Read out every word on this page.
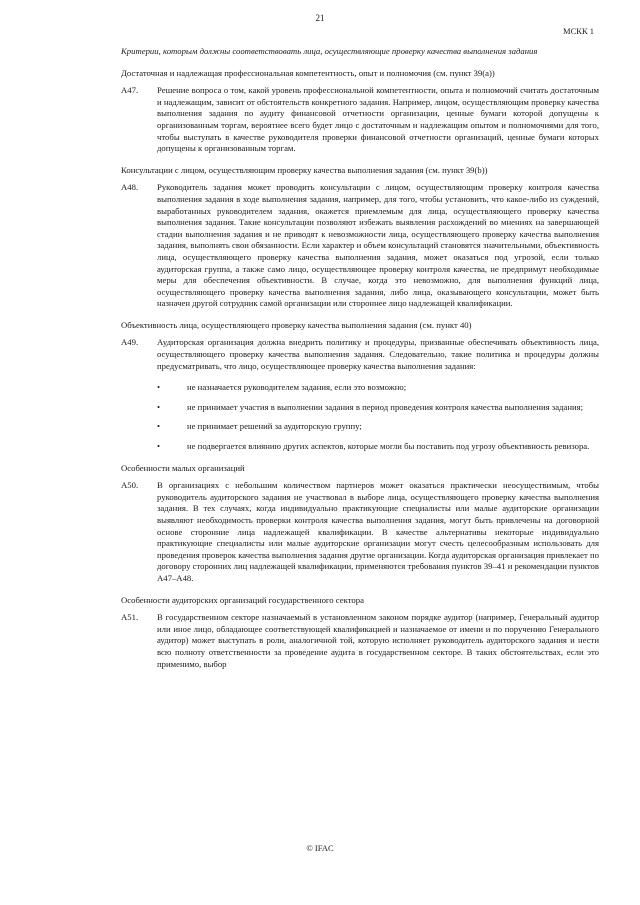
21
МСКК 1

Критерии, которым должны соответствовать лица, осуществляющие проверку качества выполнения задания

Достаточная и надлежащая профессиональная компетентность, опыт и полномочия (см. пункт 39(a))

A47.	Решение вопроса о том, какой уровень профессиональной компетентности, опыта и полномочий считать достаточным и надлежащим, зависит от обстоятельств конкретного задания. Например, лицом, осуществляющим проверку качества выполнения задания по аудиту финансовой отчетности организации, ценные бумаги которой допущены к организованным торгам, вероятнее всего будет лицо с достаточным и надлежащим опытом и полномочиями для того, чтобы выступать в качестве руководителя проверки финансовой отчетности организаций, ценные бумаги которых допущены к организованным торгам.

Консультации с лицом, осуществляющим проверку качества выполнения задания (см. пункт 39(b))

A48.	Руководитель задания может проводить консультации с лицом, осуществляющим проверку контроля качества выполнения задания в ходе выполнения задания, например, для того, чтобы установить, что какое-либо из суждений, выработанных руководителем задания, окажется приемлемым для лица, осуществляющего проверку качества выполнения задания. Такие консультации позволяют избежать выявления расхождений во мнениях на завершающей стадии выполнения задания и не приводят к невозможности лица, осуществляющего проверку качества выполнения задания, выполнять свои обязанности. Если характер и объем консультаций становятся значительными, объективность лица, осуществляющего проверку качества выполнения задания, может оказаться под угрозой, если только аудиторская группа, а также само лицо, осуществляющее проверку контроля качества, не предпримут необходимые меры для обеспечения объективности. В случае, когда это невозможно, для выполнения функций лица, осуществляющего проверку качества выполнения задания, либо лица, оказывающего консультации, может быть назначен другой сотрудник самой организации или стороннее лицо надлежащей квалификации.

Объективность лица, осуществляющего проверку качества выполнения задания (см. пункт 40)

A49.	Аудиторская организация должна внедрить политику и процедуры, призванные обеспечивать объективность лица, осуществляющего проверку качества выполнения задания. Следовательно, такие политика и процедуры должны предусматривать, что лицо, осуществляющее проверку качества выполнения задания:
•	не назначается руководителем задания, если это возможно;
•	не принимает участия в выполнении задания в период проведения контроля качества выполнения задания;
•	не принимает решений за аудиторскую группу;
•	не подвергается влиянию других аспектов, которые могли бы поставить под угрозу объективность ревизора.

Особенности малых организаций

A50.	В организациях с небольшим количеством партнеров может оказаться практически неосуществимым, чтобы руководитель аудиторского задания не участвовал в выборе лица, осуществляющего проверку качества выполнения задания. В тех случаях, когда индивидуально практикующие специалисты или малые аудиторские организации выявляют необходимость проверки контроля качества выполнения задания, могут быть привлечены на договорной основе сторонние лица надлежащей квалификации. В качестве альтернативы некоторые индивидуально практикующие специалисты или малые аудиторские организации могут счесть целесообразным использовать для проведения проверок качества выполнения задания другие организации. Когда аудиторская организация привлекает по договору сторонних лиц надлежащей квалификации, применяются требования пунктов 39–41 и рекомендации пунктов A47–A48.

Особенности аудиторских организаций государственного сектора

A51.	В государственном секторе назначаемый в установленном законом порядке аудитор (например, Генеральный аудитор или иное лицо, обладающее соответствующей квалификацией и назначаемое от имени и по поручению Генерального аудитор) может выступать в роли, аналогичной той, которую исполняет руководитель аудиторского задания и нести всю полноту ответственности за проведение аудита в государственном секторе. В таких обстоятельствах, если это применимо, выбор
© IFAC
